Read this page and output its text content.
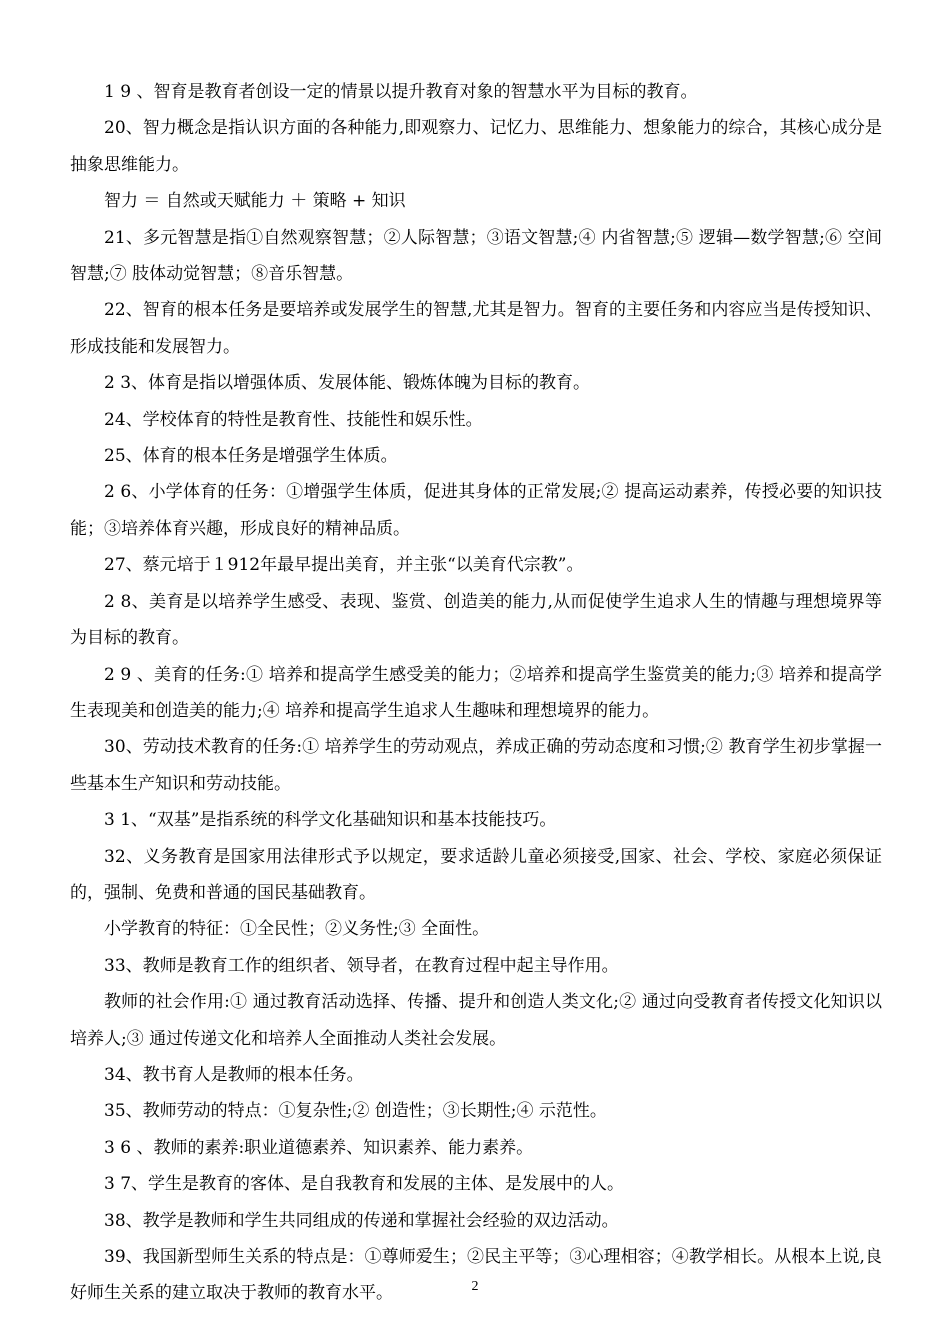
1 9 、智育是教育者创设一定的情景以提升教育对象的智慧水平为目标的教育。

20、智力概念是指认识方面的各种能力,即观察力、记忆力、思维能力、想象能力的综合，其核心成分是抽象思维能力。

智力 ＝ 自然或天赋能力 ＋ 策略 + 知识

21、多元智慧是指①自然观察智慧；②人际智慧；③语文智慧;④ 内省智慧;⑤ 逻辑—数学智慧;⑥ 空间智慧;⑦ 肢体动觉智慧；⑧音乐智慧。

22、智育的根本任务是要培养或发展学生的智慧,尤其是智力。智育的主要任务和内容应当是传授知识、形成技能和发展智力。

2 3、体育是指以增强体质、发展体能、锻炼体魄为目标的教育。

24、学校体育的特性是教育性、技能性和娱乐性。

25、体育的根本任务是增强学生体质。

2 6、小学体育的任务：①增强学生体质，促进其身体的正常发展;② 提高运动素养，传授必要的知识技能；③培养体育兴趣，形成良好的精神品质。

27、蔡元培于１912年最早提出美育，并主张“以美育代宗教”。

2 8、美育是以培养学生感受、表现、鉴赏、创造美的能力,从而促使学生追求人生的情趣与理想境界等为目标的教育。

2 9 、美育的任务:① 培养和提高学生感受美的能力；②培养和提高学生鉴赏美的能力;③ 培养和提高学生表现美和创造美的能力;④ 培养和提高学生追求人生趣味和理想境界的能力。

30、劳动技术教育的任务:① 培养学生的劳动观点，养成正确的劳动态度和习惯;② 教育学生初步掌握一些基本生产知识和劳动技能。

3 1、“双基”是指系统的科学文化基础知识和基本技能技巧。

32、义务教育是国家用法律形式予以规定，要求适龄儿童必须接受,国家、社会、学校、家庭必须保证的，强制、免费和普通的国民基础教育。

小学教育的特征：①全民性；②义务性;③ 全面性。

33、教师是教育工作的组织者、领导者，在教育过程中起主导作用。

教师的社会作用:① 通过教育活动选择、传播、提升和创造人类文化;② 通过向受教育者传授文化知识以培养人;③ 通过传递文化和培养人全面推动人类社会发展。

34、教书育人是教师的根本任务。

35、教师劳动的特点：①复杂性;② 创造性；③长期性;④ 示范性。

3 6 、教师的素养:职业道德素养、知识素养、能力素养。

3 7、学生是教育的客体、是自我教育和发展的主体、是发展中的人。

38、教学是教师和学生共同组成的传递和掌握社会经验的双边活动。

39、我国新型师生关系的特点是：①尊师爱生；②民主平等；③心理相容；④教学相长。从根本上说,良好师生关系的建立取决于教师的教育水平。	2
